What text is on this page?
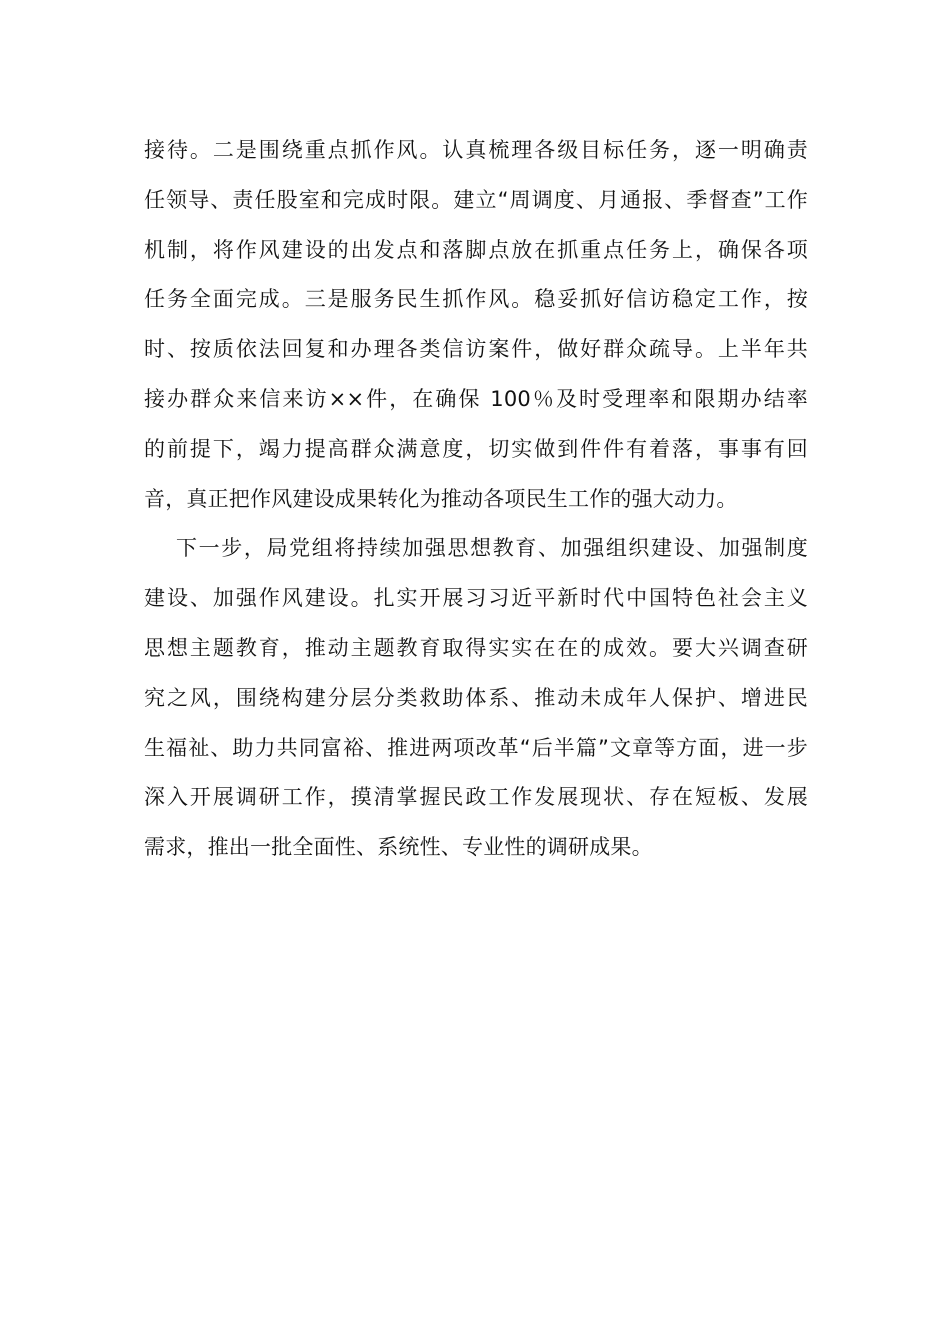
接待。二是围绕重点抓作风。认真梳理各级目标任务，逐一明确责
任领导、责任股室和完成时限。建立“周调度、月通报、季督查”工作
机制，将作风建设的出发点和落脚点放在抓重点任务上，确保各项
任务全面完成。三是服务民生抓作风。稳妥抓好信访稳定工作，按
时、按质依法回复和办理各类信访案件，做好群众疏导。上半年共
接办群众来信来访××件，在确保 100％及时受理率和限期办结率
的前提下，竭力提高群众满意度，切实做到件件有着落，事事有回
音，真正把作风建设成果转化为推动各项民生工作的强大动力。
下一步，局党组将持续加强思想教育、加强组织建设、加强制度
建设、加强作风建设。扎实开展习习近平新时代中国特色社会主义
思想主题教育，推动主题教育取得实实在在的成效。要大兴调查研
究之风，围绕构建分层分类救助体系、推动未成年人保护、增进民
生福祉、助力共同富裕、推进两项改革“后半篇”文章等方面，进一步
深入开展调研工作，摸清掌握民政工作发展现状、存在短板、发展
需求，推出一批全面性、系统性、专业性的调研成果。
